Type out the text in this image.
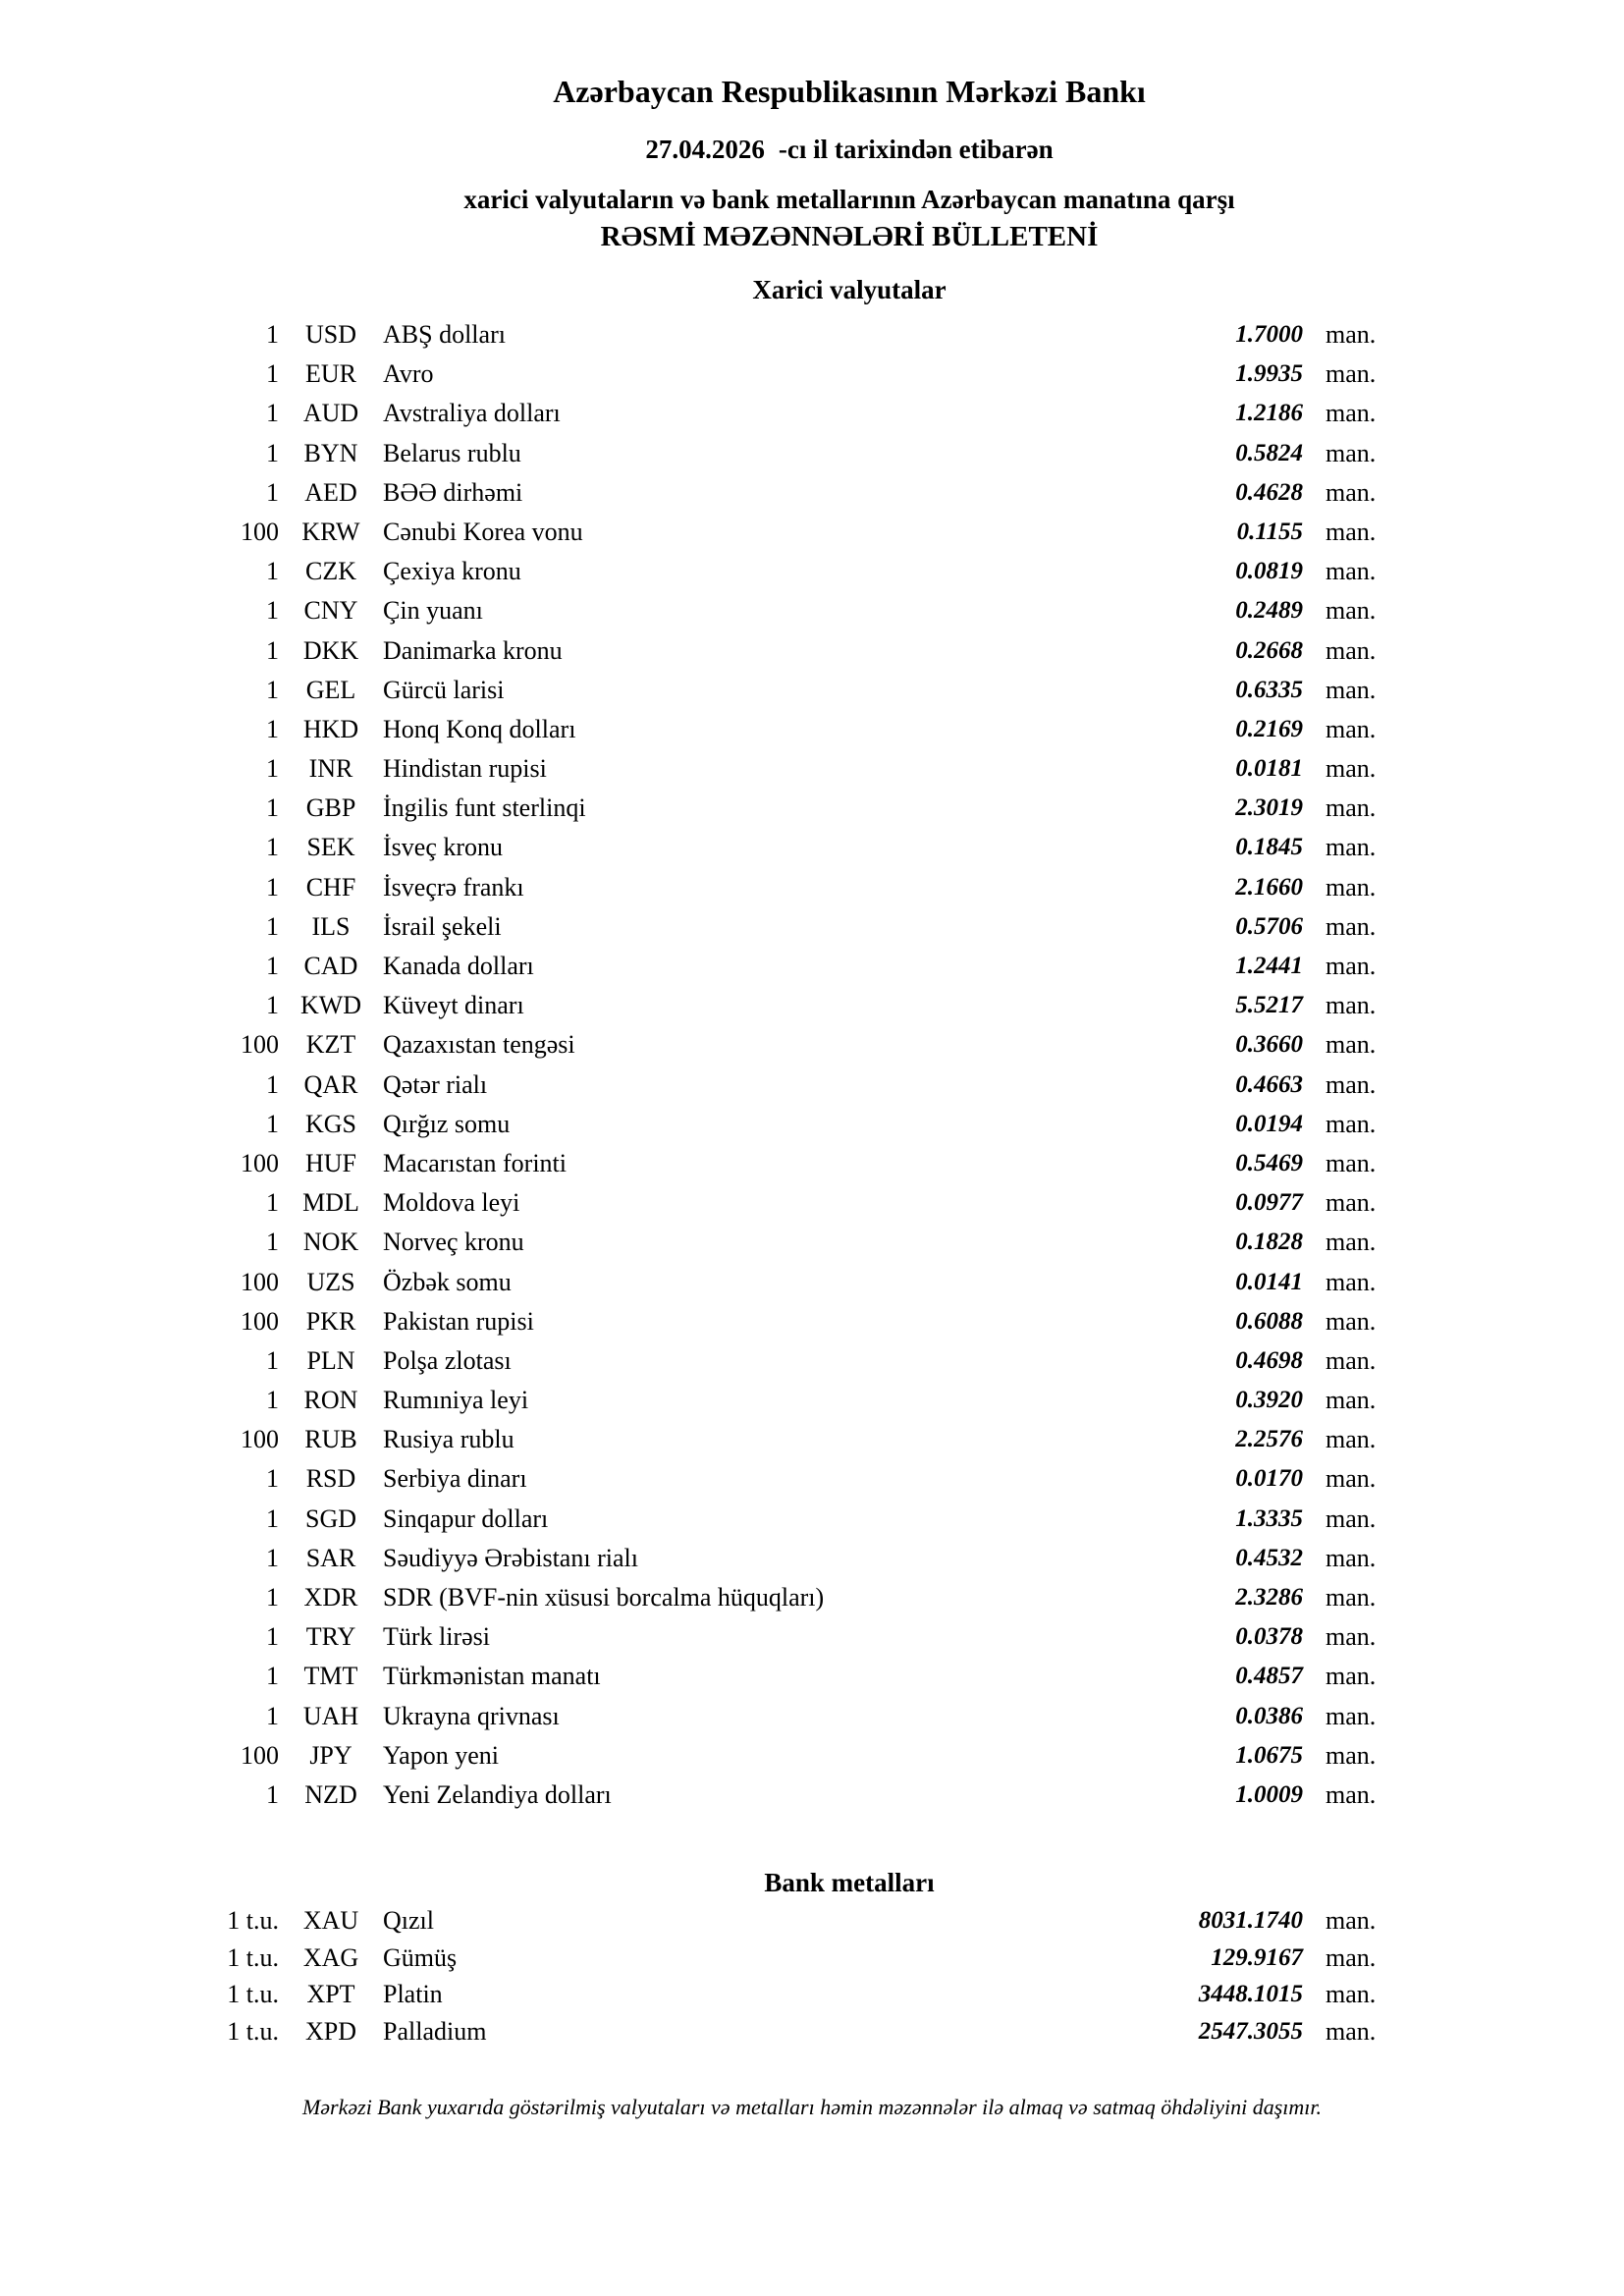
Azərbaycan Respublikasının Mərkəzi Bankı
27.04.2026 -cı il tarixindən etibarən
xarici valyutaların və bank metallarının Azərbaycan manatına qarşı
RƏSMİ MƏZƏNNƏLƏRİ BÜLLETENİ
Xarici valyutalar
1	USD	ABŞ dolları	1.7000 man.
1	EUR	Avro	1.9935 man.
1 AUD Avstraliya dolları	1.2186 man.
1 BYN Belarus rublu	0.5824 man.
1	AED	BƏƏ dirhəmi	0.4628 man.
100 KRW Cənubi Korea vonu	0.1155 man.
1	CZK	Çexiya kronu	0.0819 man.
1 CNY Çin yuanı	0.2489 man.
1 DKK Danimarka kronu	0.2668 man.
1	GEL	Gürcü larisi	0.6335 man.
1 HKD Honq Konq dolları	0.2169 man.
1	INR	Hindistan rupisi	0.0181 man.
1	GBP	İngilis funt sterlinqi	2.3019 man.
1	SEK	İsveç kronu	0.1845 man.
1	CHF	İsveçrə frankı	2.1660 man.
1	ILS	İsrail şekeli	0.5706 man.
1 CAD Kanada dolları	1.2441 man.
1 KWD Küveyt dinarı	5.5217 man.
100	KZT	Qazaxıstan tengəsi	0.3660 man.
1 QAR Qətər rialı	0.4663 man.
1	KGS	Qırğız somu	0.0194 man.
100	HUF	Macarıstan forinti	0.5469 man.
1 MDL Moldova leyi	0.0977 man.
1 NOK Norveç kronu	0.1828 man.
100	UZS	Özbək somu	0.0141 man.
100	PKR	Pakistan rupisi	0.6088 man.
1	PLN	Polşa zlotası	0.4698 man.
1 RON Rumıniya leyi	0.3920 man.
100	RUB	Rusiya rublu	2.2576 man.
1	RSD	Serbiya dinarı	0.0170 man.
1	SGD	Sinqapur dolları	1.3335 man.
1	SAR	Səudiyyə Ərəbistanı rialı	0.4532 man.
1 XDR SDR (BVF-nin xüsusi borcalma hüquqları)	2.3286 man.
1	TRY	Türk lirəsi	0.0378 man.
1 TMT Türkmənistan manatı	0.4857 man.
1 UAH Ukrayna qrivnası	0.0386 man.
100	JPY	Yapon yeni	1.0675 man.
1	NZD	Yeni Zelandiya dolları	1.0009 man.
Bank metalları
1 t.u. XAU Qızıl	8031.1740 man.
1 t.u. XAG Gümüş	129.9167 man.
1 t.u.	XPT	Platin	3448.1015 man.
1 t.u.	XPD	Palladium	2547.3055 man.
Mərkəzi Bank yuxarıda göstərilmiş valyutaları və metalları həmin məzənnələr ilə almaq və satmaq öhdəliyini daşımır.
